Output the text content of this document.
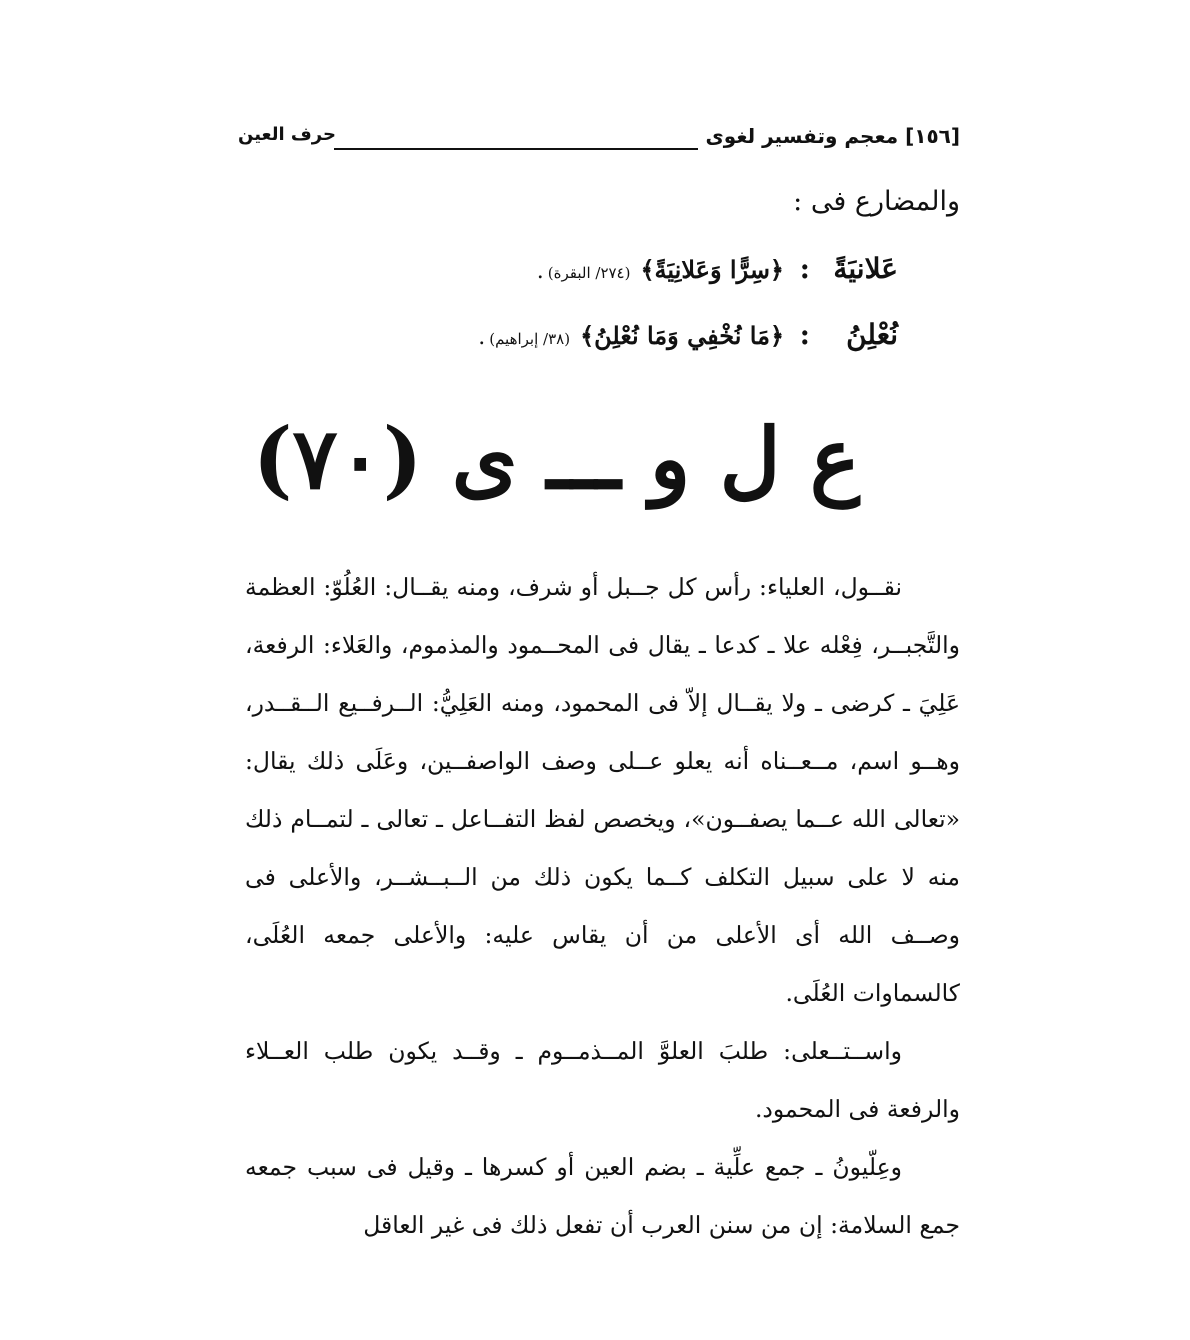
[١٥٦] معجم وتفسير لغوى
حرف العين
والمضارع فى :
عَلانيَةً:﴿سِرًّا وَعَلانِيَةً﴾(٢٧٤/ البقرة).
نُعْلِنُ:﴿مَا نُخْفِي وَمَا نُعْلِنُ﴾(٣٨/ إبراهيم).
ع ل و ـــ ى (٧٠)

نقــول، العلياء: رأس كل جــبل أو شرف، ومنه يقــال: العُلُوّ: العظمة والتَّجبــر، فِعْله علا ـ كدعا ـ يقال فى المحــمود والمذموم، والعَلاء: الرفعة، عَلِيَ ـ كرضى ـ ولا يقــال إلاّ فى المحمود، ومنه العَلِيُّ: الــرفــيع الــقــدر، وهــو اسم، مــعــناه أنه يعلو عــلى وصف الواصفــين، وعَلَى ذلك يقال: «تعالى الله عــما يصفــون»، ويخصص لفظ التفــاعل ـ تعالى ـ لتمــام ذلك منه لا على سبيل التكلف كــما يكون ذلك من الــبــشــر، والأعلى فى وصــف الله أى الأعلى من أن يقاس عليه: والأعلى جمعه العُلَى، كالسماوات العُلَى.

واســتــعلى: طلبَ العلوَّ المــذمــوم ـ وقــد يكون طلب العــلاء والرفعة فى المحمود.

وعِلّيونُ ـ جمع علِّية ـ بضم العين أو كسرها ـ وقيل فى سبب جمعه جمع السلامة: إن من سنن العرب أن تفعل ذلك فى غير العاقل
